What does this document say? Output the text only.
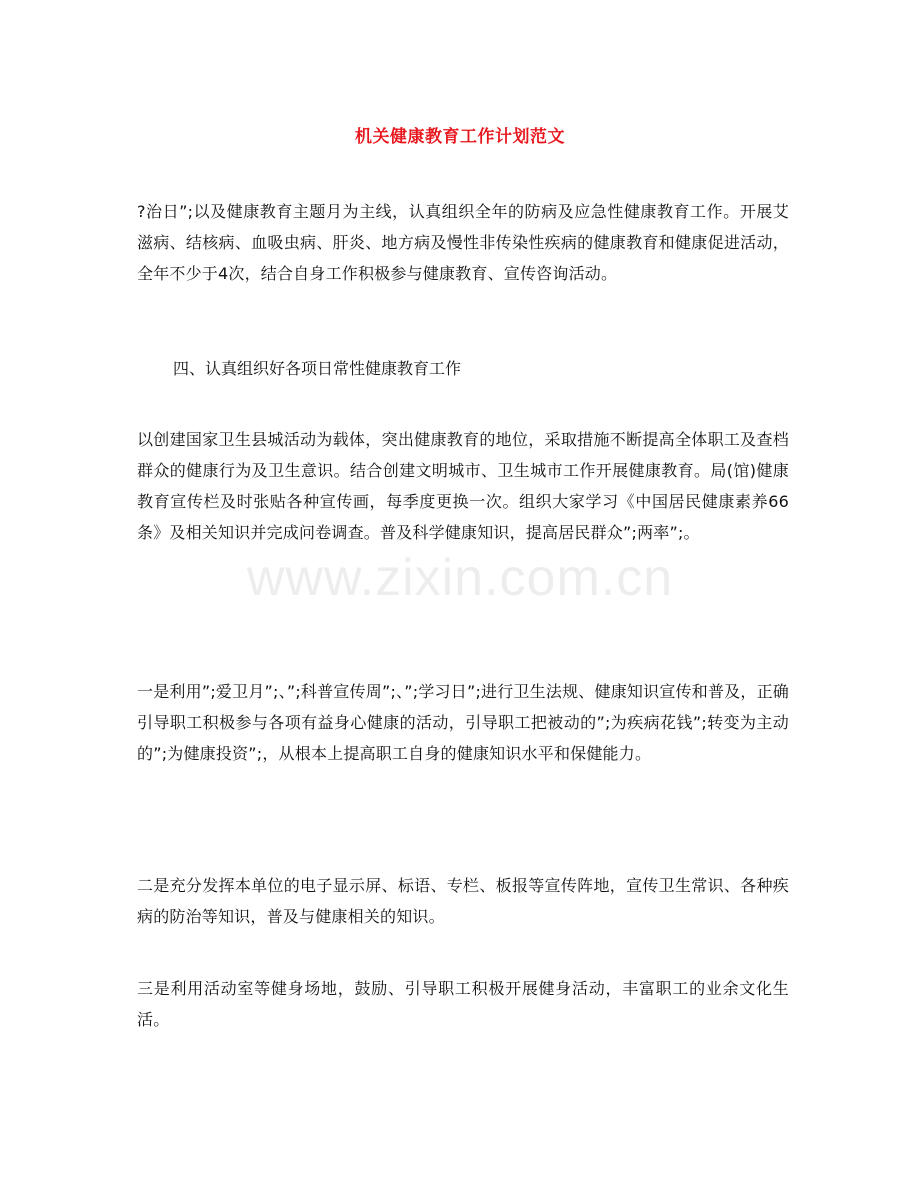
机关健康教育工作计划范文
?治日”;以及健康教育主题月为主线，认真组织全年的防病及应急性健康教育工作。开展艾滋病、结核病、血吸虫病、肝炎、地方病及慢性非传染性疾病的健康教育和健康促进活动，全年不少于4次，结合自身工作积极参与健康教育、宣传咨询活动。
四、认真组织好各项日常性健康教育工作
以创建国家卫生县城活动为载体，突出健康教育的地位，采取措施不断提高全体职工及查档群众的健康行为及卫生意识。结合创建文明城市、卫生城市工作开展健康教育。局(馆)健康教育宣传栏及时张贴各种宣传画，每季度更换一次。组织大家学习《中国居民健康素养66条》及相关知识并完成问卷调查。普及科学健康知识，提高居民群众”;两率”;。
一是利用”;爱卫月”;、”;科普宣传周”;、”;学习日”;进行卫生法规、健康知识宣传和普及，正确引导职工积极参与各项有益身心健康的活动，引导职工把被动的”;为疾病花钱”;转变为主动的”;为健康投资”;，从根本上提高职工自身的健康知识水平和保健能力。
二是充分发挥本单位的电子显示屏、标语、专栏、板报等宣传阵地，宣传卫生常识、各种疾病的防治等知识，普及与健康相关的知识。
三是利用活动室等健身场地，鼓励、引导职工积极开展健身活动，丰富职工的业余文化生活。
www.zixin.com.cn
